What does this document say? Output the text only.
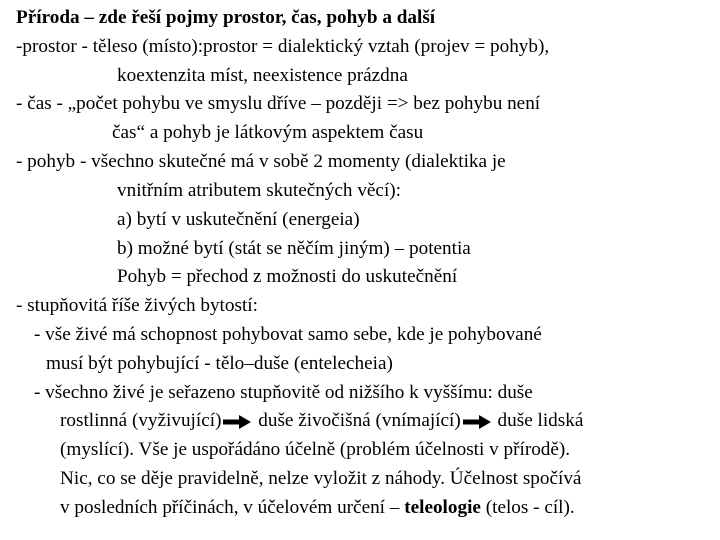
Příroda – zde řeší pojmy prostor, čas, pohyb a další
-prostor - těleso (místo):prostor = dialektický vztah (projev = pohyb),
koextenzita míst, neexistence prázdna
- čas - „počet pohybu ve smyslu dříve – později => bez pohybu není
čas“ a pohyb je látkovým aspektem času
- pohyb - všechno skutečné má v sobě 2 momenty (dialektika je
vnitřním atributem skutečných věcí):
a) bytí v uskutečnění (energeia)
b) možné bytí (stát se něčím jiným) – potentia
Pohyb = přechod z možnosti do uskutečnění
- stupňovitá říše živých bytostí:
- vše živé má schopnost pohybovat samo sebe, kde je pohybované
musí být pohybující - tělo–duše (entelecheia)
- všechno živé je seřazeno stupňovitě od nižšího k vyššímu: duše
rostlinná (vyživující) duše živočišná (vnímající) duše lidská
(myslící). Vše je uspořádáno účelně (problém účelnosti v přírodě).
Nic, co se děje pravidelně, nelze vyložit z náhody. Účelnost spočívá
v posledních příčinách, v účelovém určení – teleologie (telos - cíl).
